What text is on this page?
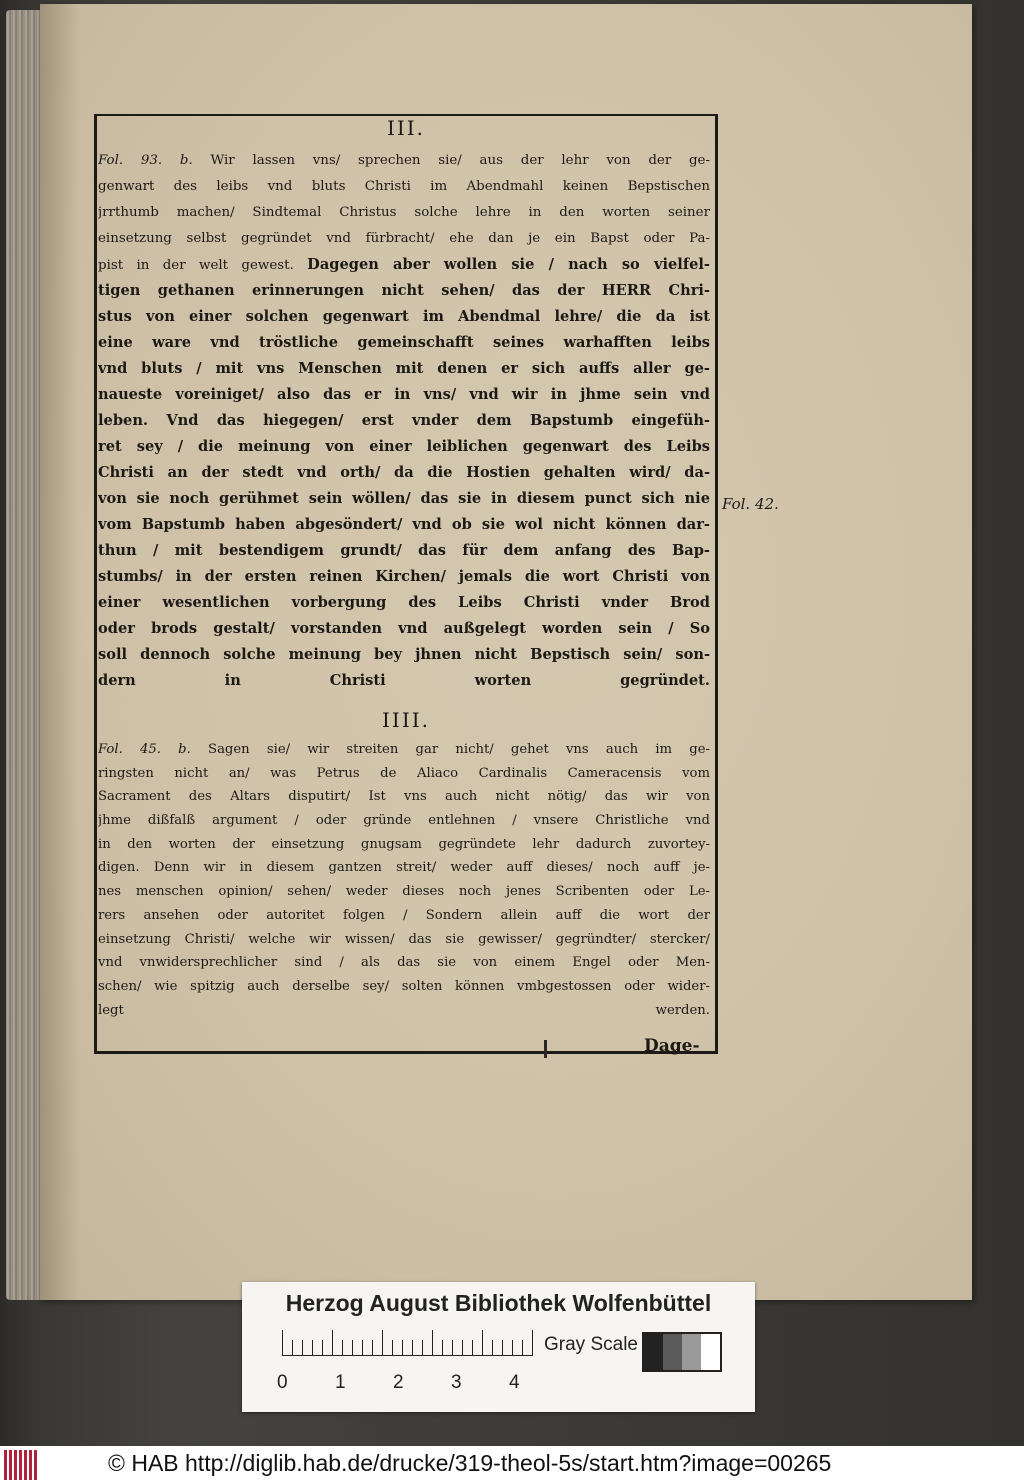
III.
Fol. 93. b. Wir lassen vns/ sprechen sie/ aus der lehr von der ge-
genwart des leibs vnd bluts Christi im Abendmahl keinen Bepstischen
jrrthumb machen/ Sindtemal Christus solche lehre in den worten seiner
einsetzung selbst gegründet vnd fürbracht/ ehe dan je ein Bapst oder Pa-
pist in der welt gewest. Dagegen aber wollen sie / nach so vielfel-
tigen gethanen erinnerungen nicht sehen/ das der HERR Chri-
stus von einer solchen gegenwart im Abendmal lehre/ die da ist
eine ware vnd tröstliche gemeinschafft seines warhafften leibs
vnd bluts / mit vns Menschen mit denen er sich auffs aller ge-
naueste voreiniget/ also das er in vns/ vnd wir in jhme sein vnd
leben. Vnd das hiegegen/ erst vnder dem Bapstumb eingefüh-
ret sey / die meinung von einer leiblichen gegenwart des Leibs
Christi an der stedt vnd orth/ da die Hostien gehalten wird/ da-
von sie noch gerühmet sein wöllen/ das sie in diesem punct sich nie
vom Bapstumb haben abgesöndert/ vnd ob sie wol nicht können dar-
thun / mit bestendigem grundt/ das für dem anfang des Bap-
stumbs/ in der ersten reinen Kirchen/ jemals die wort Christi von
einer wesentlichen vorbergung des Leibs Christi vnder Brod
oder brods gestalt/ vorstanden vnd außgelegt worden sein / So
soll dennoch solche meinung bey jhnen nicht Bepstisch sein/ son-
dern in Christi worten gegründet.
Fol. 42.
IIII.
Fol. 45. b. Sagen sie/ wir streiten gar nicht/ gehet vns auch im ge-
ringsten nicht an/ was Petrus de Aliaco Cardinalis Cameracensis vom
Sacrament des Altars disputirt/ Ist vns auch nicht nötig/ das wir von
jhme dißfalß argument / oder gründe entlehnen / vnsere Christliche vnd
in den worten der einsetzung gnugsam gegründete lehr dadurch zuvortey-
digen. Denn wir in diesem gantzen streit/ weder auff dieses/ noch auff je-
nes menschen opinion/ sehen/ weder dieses noch jenes Scribenten oder Le-
rers ansehen oder autoritet folgen / Sondern allein auff die wort der
einsetzung Christi/ welche wir wissen/ das sie gewisser/ gegründter/ stercker/
vnd vnwidersprechlicher sind / als das sie von einem Engel oder Men-
schen/ wie spitzig auch derselbe sey/ solten können vmbgestossen oder wider-
legt werden.
Dage-
Herzog August Bibliothek Wolfenbüttel
0 1 2 3 4
Gray Scale
© HAB http://diglib.hab.de/drucke/319-theol-5s/start.htm?image=00265
